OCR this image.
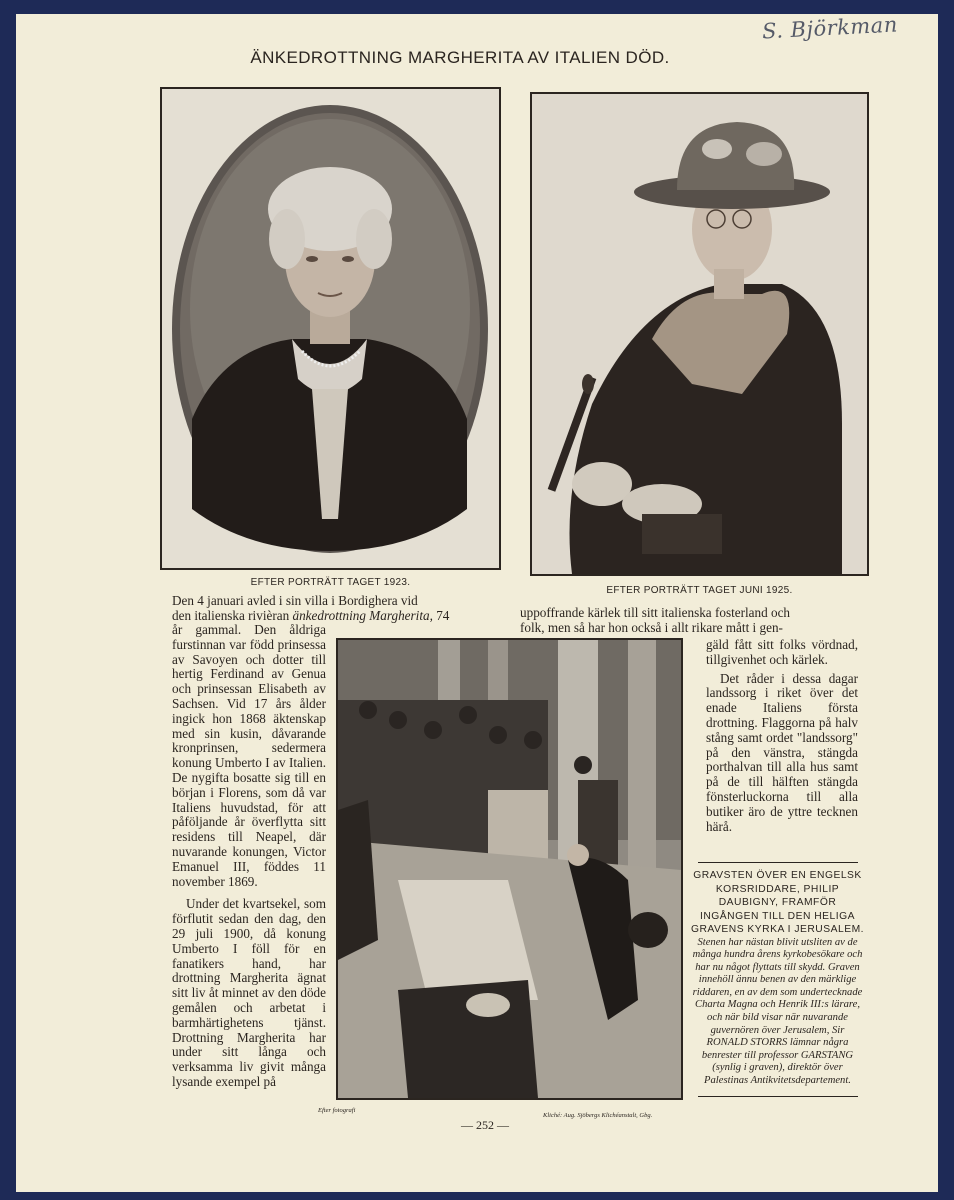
S. Björkman
ÄNKEDROTTNING MARGHERITA AV ITALIEN DÖD.
EFTER PORTRÄTT TAGET 1923.
EFTER PORTRÄTT TAGET JUNI 1925.

Den 4 januari avled i sin villa i Bordighera vid

den italienska rivièran änkedrottning Margherita, 74

år gammal. Den åldriga furstinnan var född prinsessa av Savoyen och dotter till hertig Ferdinand av Genua och prinsessan Elisabeth av Sachsen. Vid 17 års ålder ingick hon 1868 äktenskap med sin kusin, dåvarande kronprinsen, sedermera konung Umberto I av Italien. De nygifta bosatte sig till en början i Florens, som då var Italiens huvudstad, för att påföljande år överflytta sitt residens till Neapel, där nuvarande konungen, Victor Emanuel III, föddes 11 november 1869.

Under det kvartsekel, som förflutit sedan den dag, den 29 juli 1900, då konung Umberto I föll för en fanatikers hand, har drottning Margherita ägnat sitt liv åt minnet av den döde gemålen och arbetat i barmhärtighetens tjänst. Drottning Margherita har under sitt långa och verksamma liv givit många lysande exempel på

uppoffrande kärlek till sitt italienska fosterland och

folk, men så har hon också i allt rikare mått i gen-

gäld fått sitt folks vördnad, tillgivenhet och kärlek.

Det råder i dessa dagar landssorg i riket över det enade Italiens första drottning. Flaggorna på halv stång samt ordet "landssorg" på den vänstra, stängda porthalvan till alla hus samt på de till hälften stängda fönsterluckorna till alla butiker äro de yttre tecknen härå.

GRAVSTEN ÖVER EN ENGELSK KORSRIDDARE, PHILIP DAUBIGNY, FRAMFÖR INGÅNGEN TILL DEN HELIGA GRAVENS KYRKA I JERUSALEM.
Stenen har nästan blivit utsliten av de många hundra årens kyrkobesökare och har nu något flyttats till skydd. Graven innehöll ännu benen av den märklige riddaren, en av dem som undertecknade Charta Magna och Henrik III:s lärare, och när bild visar när nuvarande guvernören över Jerusalem, Sir RONALD STORRS lämnar några benrester till professor GARSTANG (synlig i graven), direktör över Palestinas Antikvitetsdepartement.
Efter fotografi
Kliché: Aug. Sjöbergs Klichéanstalt, Gbg.
— 252 —
